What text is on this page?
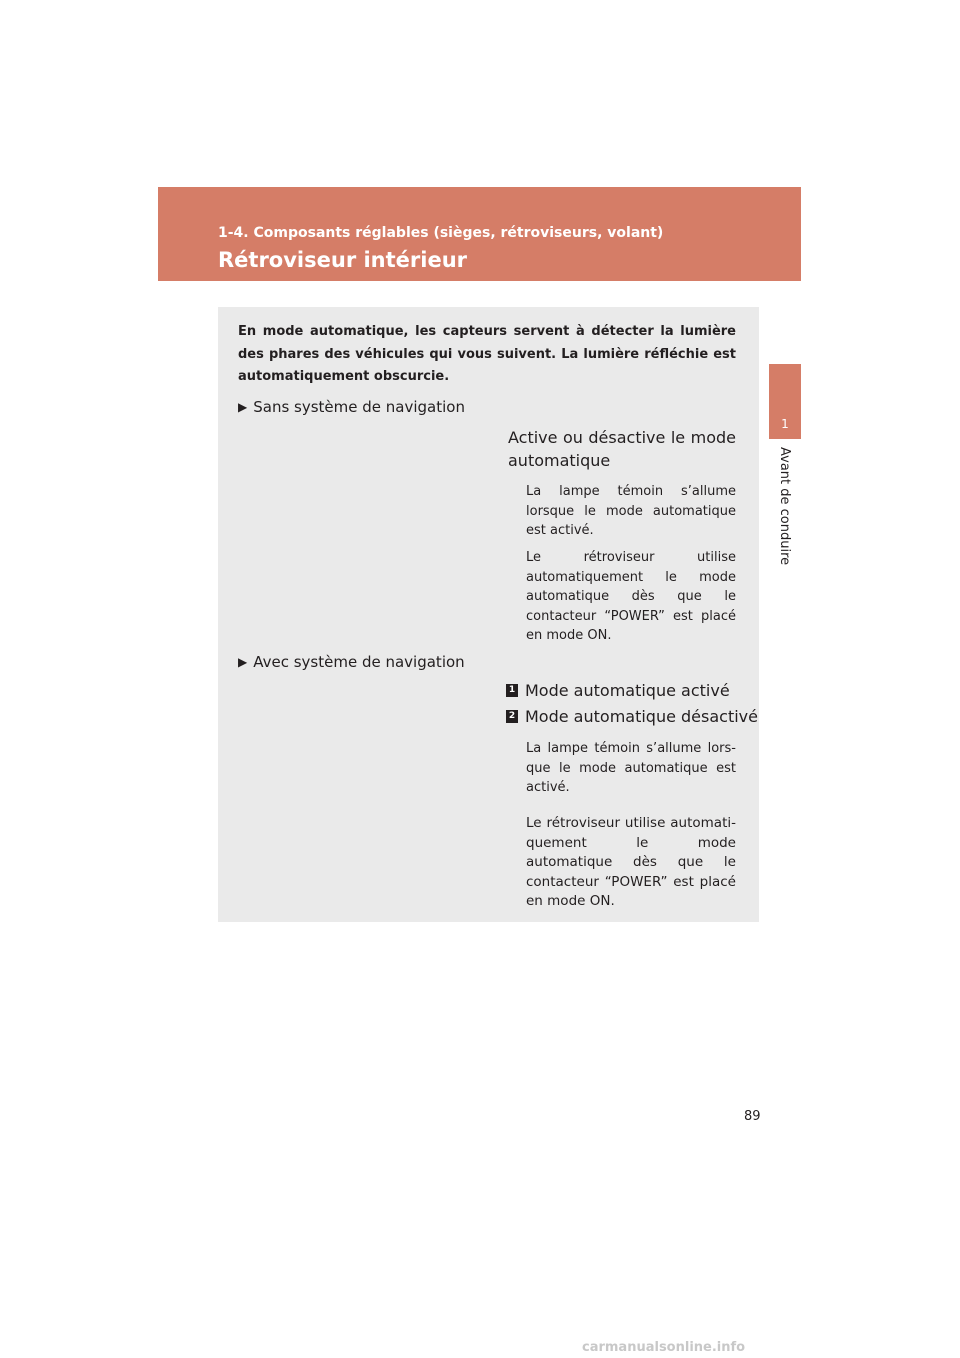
1-4. Composants réglables (sièges, rétroviseurs, volant)
Rétroviseur intérieur
1
Avant de conduire

En mode automatique, les capteurs servent à détecter la lumière des phares des véhicules qui vous suivent. La lumière réfléchie est automatiquement obscurcie.

▶ Sans système de navigation
Active ou désactive le mode automatique
La lampe témoin s’allume lorsque le mode automatique est activé.
Le rétroviseur utilise automatiquement le mode automatique dès que le contacteur “POWER” est placé en mode ON.
▶ Avec système de navigation
1 Mode automatique activé
2 Mode automatique désactivé
La lampe témoin s’allume lors-que le mode automatique est activé.
Le rétroviseur utilise automati-quement le mode automatique dès que le contacteur “POWER” est placé en mode ON.
89
carmanualsonline.info
